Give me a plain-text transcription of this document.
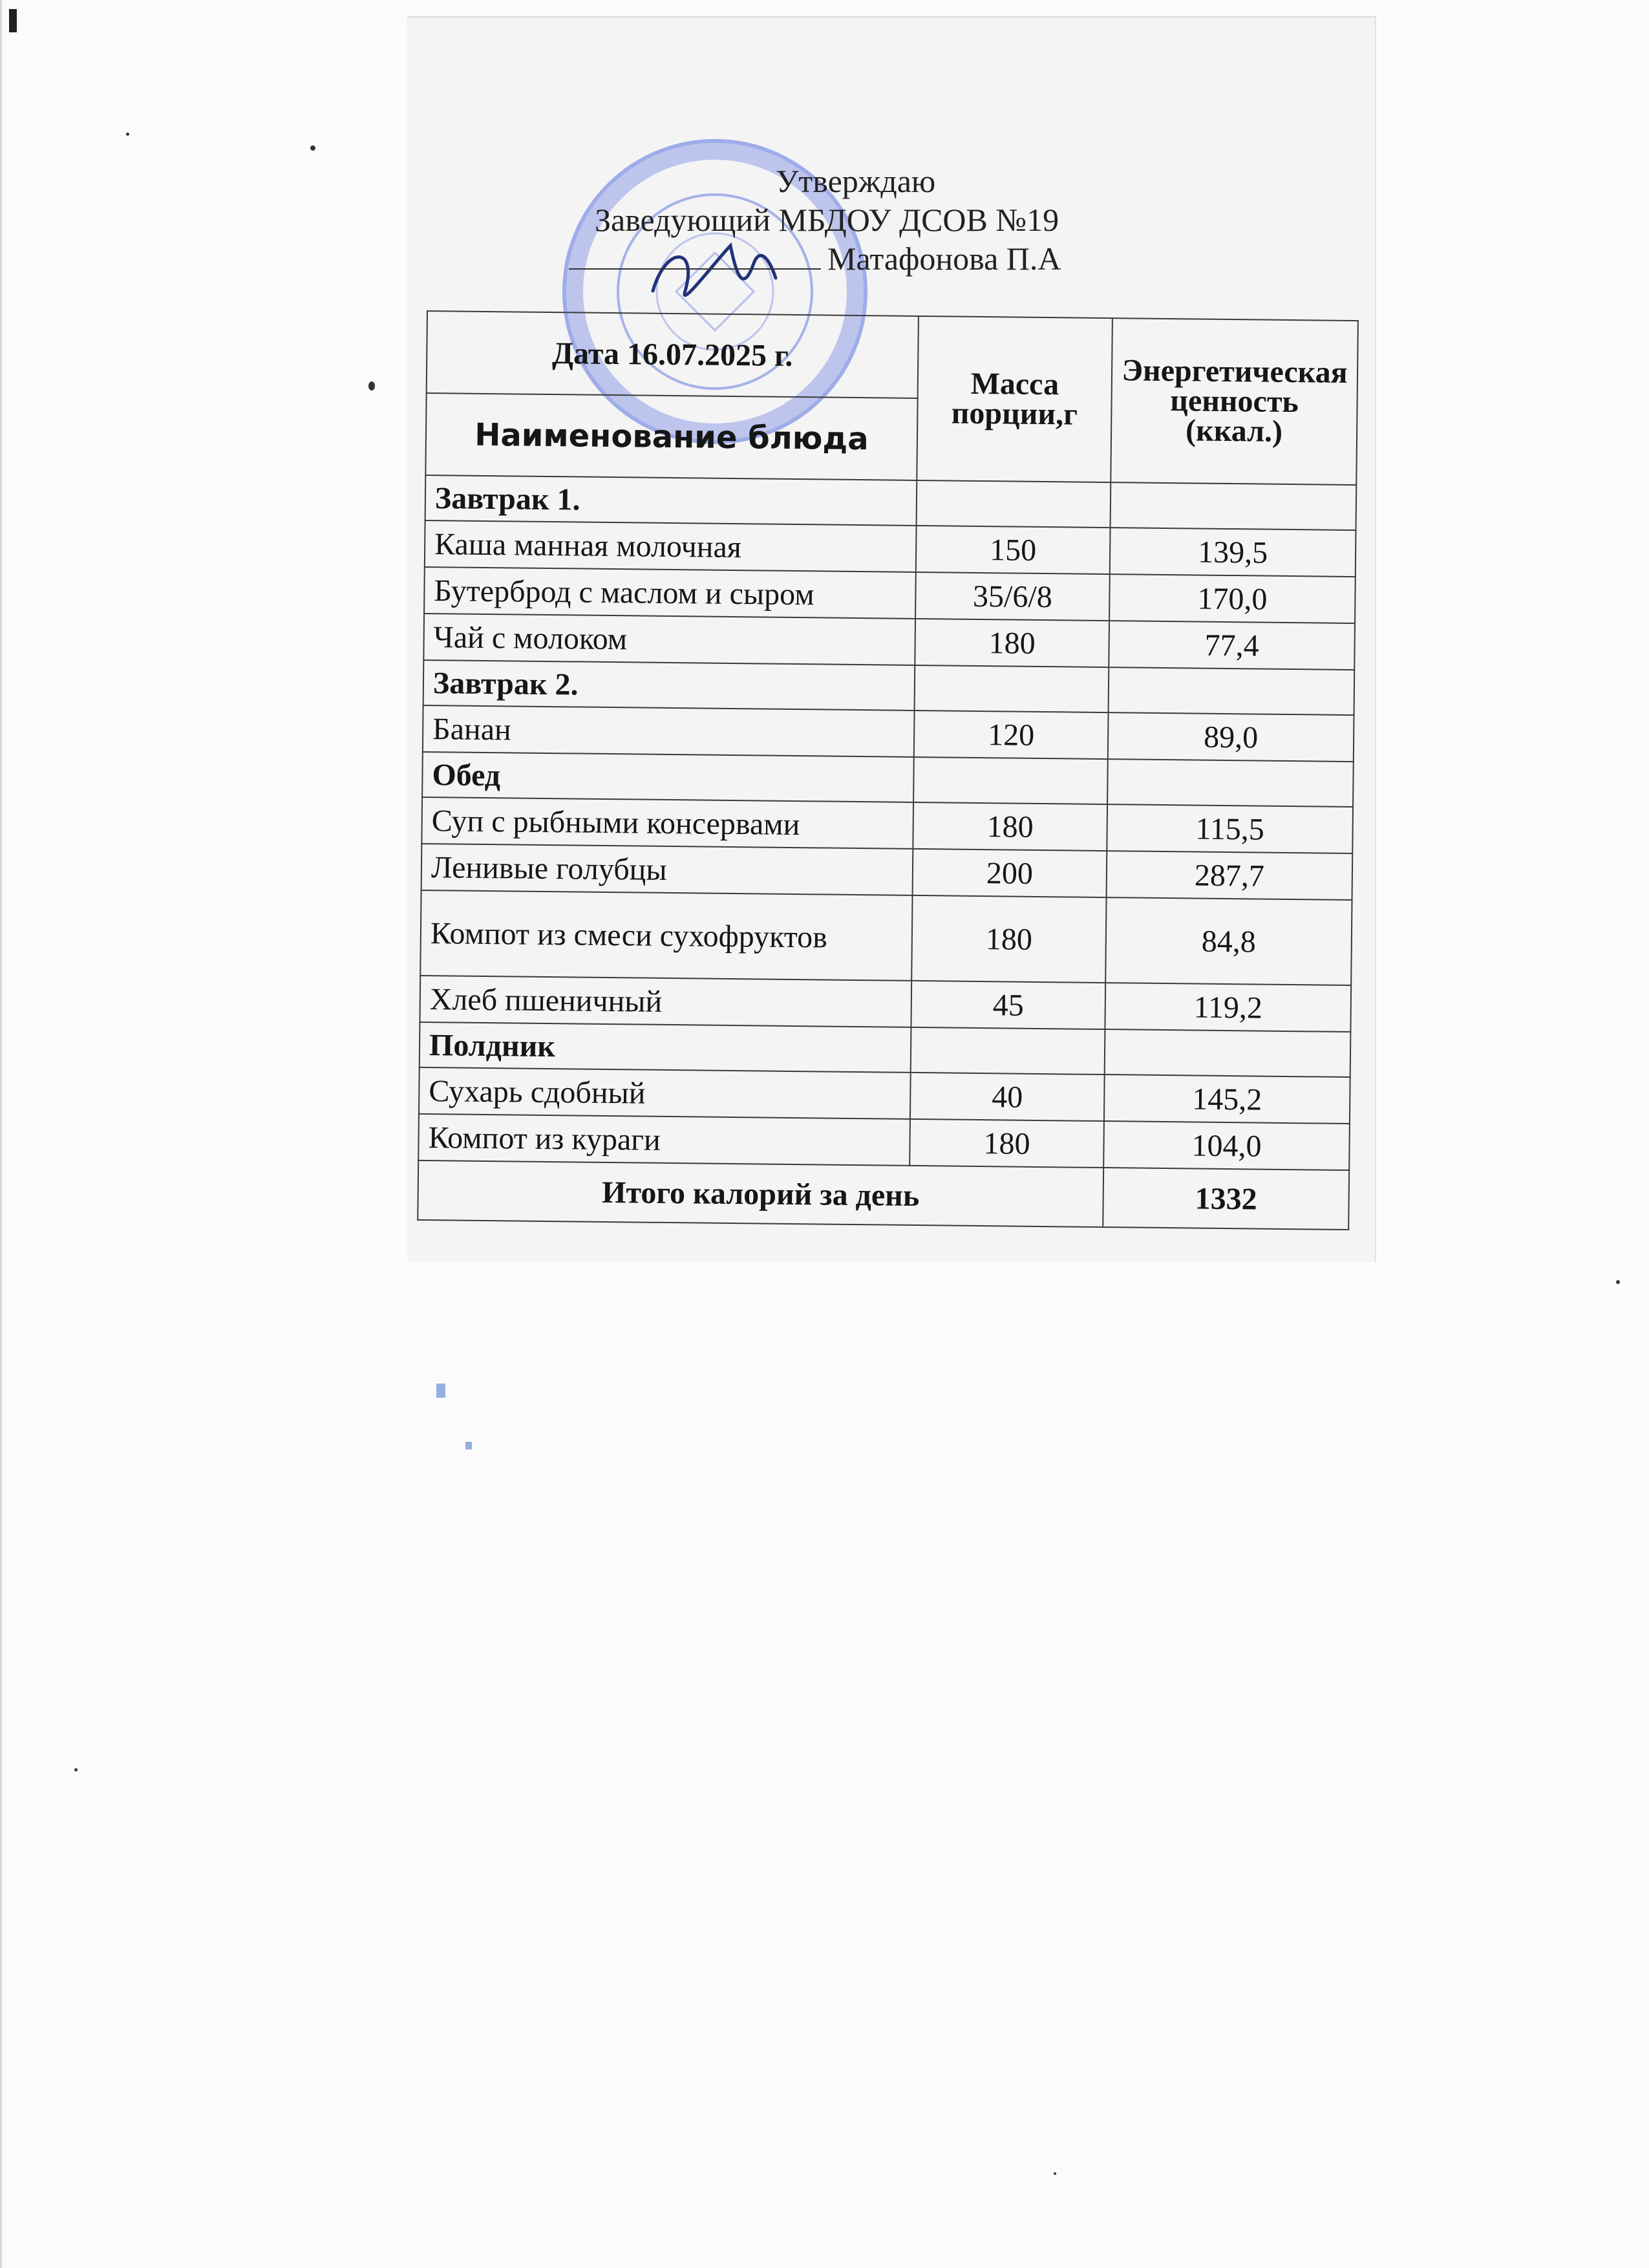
Утверждаю
Заведующий МБДОУ ДСОВ №19
Матафонова П.А
Дата 16.07.2025 г.	Масса порции,г	Энергетическая ценность (ккал.)
Наименование блюда		
Завтрак 1.		
Каша манная молочная	150	139,5
Бутерброд с маслом и сыром	35/6/8	170,0
Чай с молоком	180	77,4
Завтрак 2.		
Банан	120	89,0
Обед		
Суп с рыбными консервами	180	115,5
Ленивые голубцы	200	287,7
Компот из смеси сухофруктов	180	84,8
Хлеб пшеничный	45	119,2
Полдник		
Сухарь сдобный	40	145,2
Компот из кураги	180	104,0
Итого калорий за день		1332
